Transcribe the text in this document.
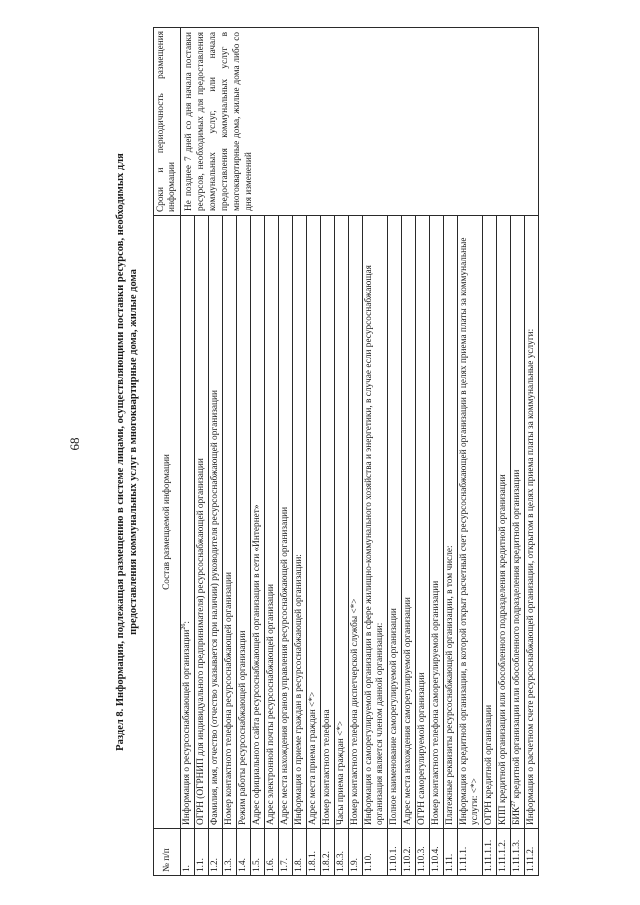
68	Раздел 8. Информация, подлежащая размещению в системе лицами, осуществляющими поставки ресурсов, необходимых для предоставления коммунальных услуг в многоквартирные дома, жилые дома
№ п/п	Состав размещаемой информации	Сроки и периодичность размещения информации
1.	Информация о ресурсоснабжающей организации$^{26}$:	Не позднее 7 дней со дня начала поставки ресурсов, необходимых для предоставления коммунальных услуг, или начала предоставления коммунальных услуг в многоквартирные дома, жилые дома либо со дня изменений
1.1.	ОГРН (ОГРНИП для индивидуального предпринимателя) ресурсоснабжающей организации	
1.2.	Фамилия, имя, отчество (отчество указывается при наличии) руководителя ресурсоснабжающей организации	
1.3.	Номер контактного телефона ресурсоснабжающей организации	
1.4.	Режим работы ресурсоснабжающей организации	
1.5.	Адрес официального сайта ресурсоснабжающей организации в сети «Интернет»	
1.6.	Адрес электронной почты ресурсоснабжающей организации	
1.7.	Адрес места нахождения органов управления ресурсоснабжающей организации	
1.8.	Информация о приеме граждан в ресурсоснабжающей организации:	
1.8.1.	Адрес места приема граждан <*>	
1.8.2.	Номер контактного телефона	
1.8.3.	Часы приема граждан <*>	
1.9.	Номер контактного телефона диспетчерской службы <*>	
1.10.	Информация о саморегулируемой организации в сфере жилищно-коммунального хозяйства и энергетики, в случае если ресурсоснабжающая организация является членом данной организации:	
1.10.1.	Полное наименование саморегулируемой организации	
1.10.2.	Адрес места нахождения саморегулируемой организации	
1.10.3.	ОГРН саморегулируемой организации	
1.10.4.	Номер контактного телефона саморегулируемой организации	
1.11.	Платежные реквизиты ресурсоснабжающей организации, в том числе:	
1.11.1.	Информация о кредитной организации, в которой открыт расчетный счет ресурсоснабжающей организации в целях приема платы за коммунальные услуги: <*>	
1.11.1.1.	ОГРН кредитной организации	
1.11.1.2.	КПП кредитной организации или обособленного подразделения кредитной организации	
1.11.1.3.	БИК$^{27}$ кредитной организации или обособленного подразделения кредитной организации	
1.11.2.	Информация о расчетном счете ресурсоснабжающей организации, открытом в целях приема платы за коммунальные услуги:	
